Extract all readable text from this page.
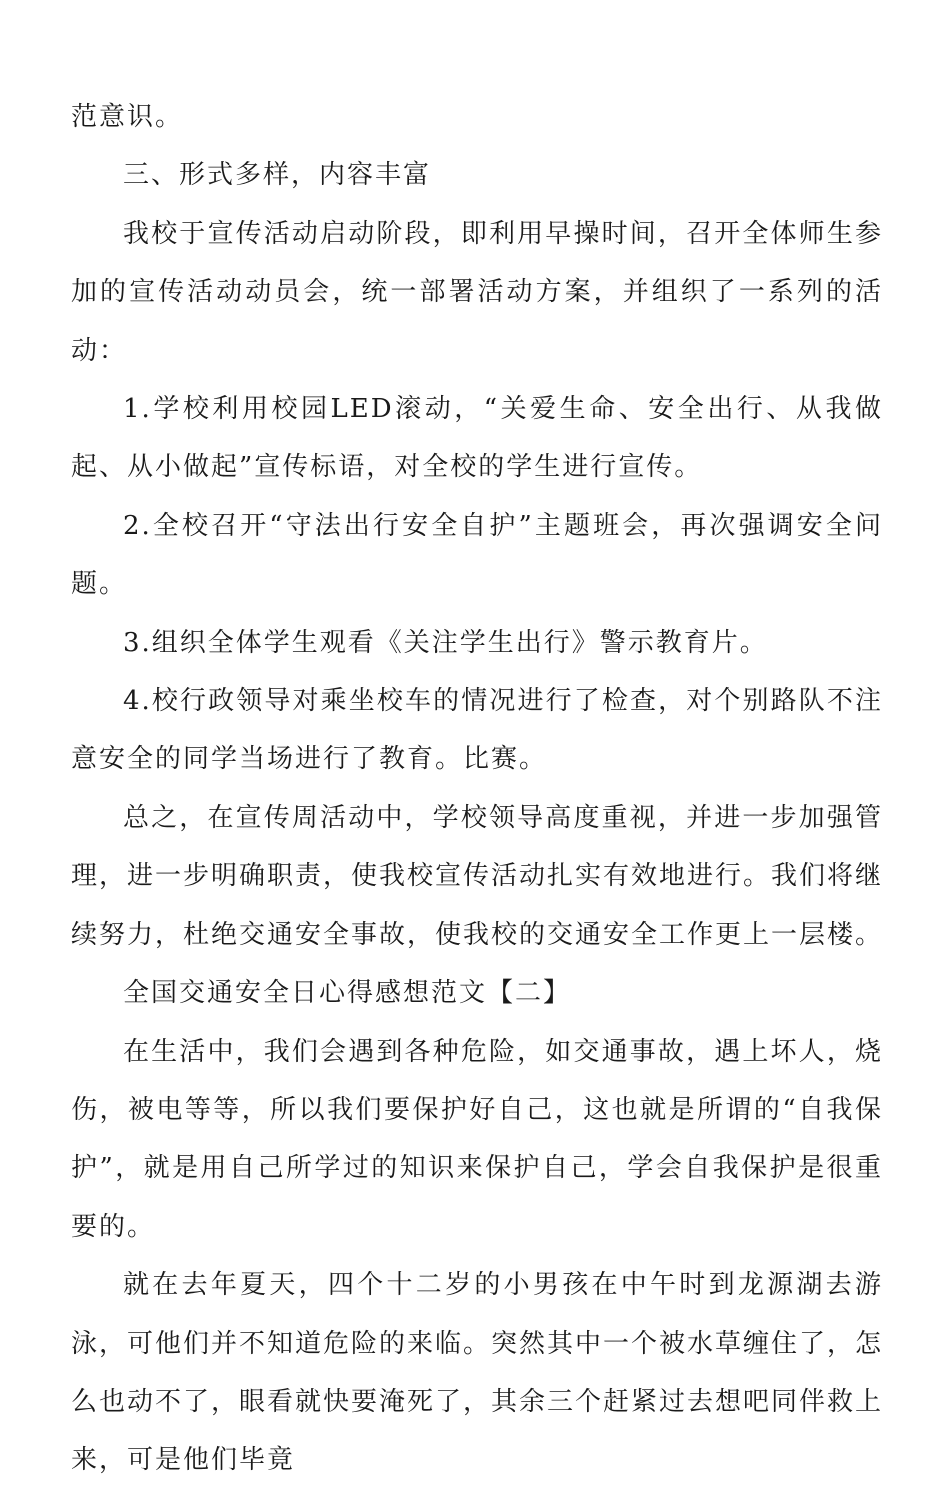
范意识。

三、形式多样，内容丰富

我校于宣传活动启动阶段，即利用早操时间，召开全体师生参加的宣传活动动员会，统一部署活动方案，并组织了一系列的活动：

1.学校利用校园LED滚动，“关爱生命、安全出行、从我做起、从小做起”宣传标语，对全校的学生进行宣传。

2.全校召开“守法出行安全自护”主题班会，再次强调安全问题。

3.组织全体学生观看《关注学生出行》警示教育片。

4.校行政领导对乘坐校车的情况进行了检查，对个别路队不注意安全的同学当场进行了教育。比赛。

总之，在宣传周活动中，学校领导高度重视，并进一步加强管理，进一步明确职责，使我校宣传活动扎实有效地进行。我们将继续努力，杜绝交通安全事故，使我校的交通安全工作更上一层楼。

全国交通安全日心得感想范文【二】

在生活中，我们会遇到各种危险，如交通事故，遇上坏人，烧伤，被电等等，所以我们要保护好自己，这也就是所谓的“自我保护”，就是用自己所学过的知识来保护自己，学会自我保护是很重要的。

就在去年夏天，四个十二岁的小男孩在中午时到龙源湖去游泳，可他们并不知道危险的来临。突然其中一个被水草缠住了，怎么也动不了，眼看就快要淹死了，其余三个赶紧过去想吧同伴救上来，可是他们毕竟
